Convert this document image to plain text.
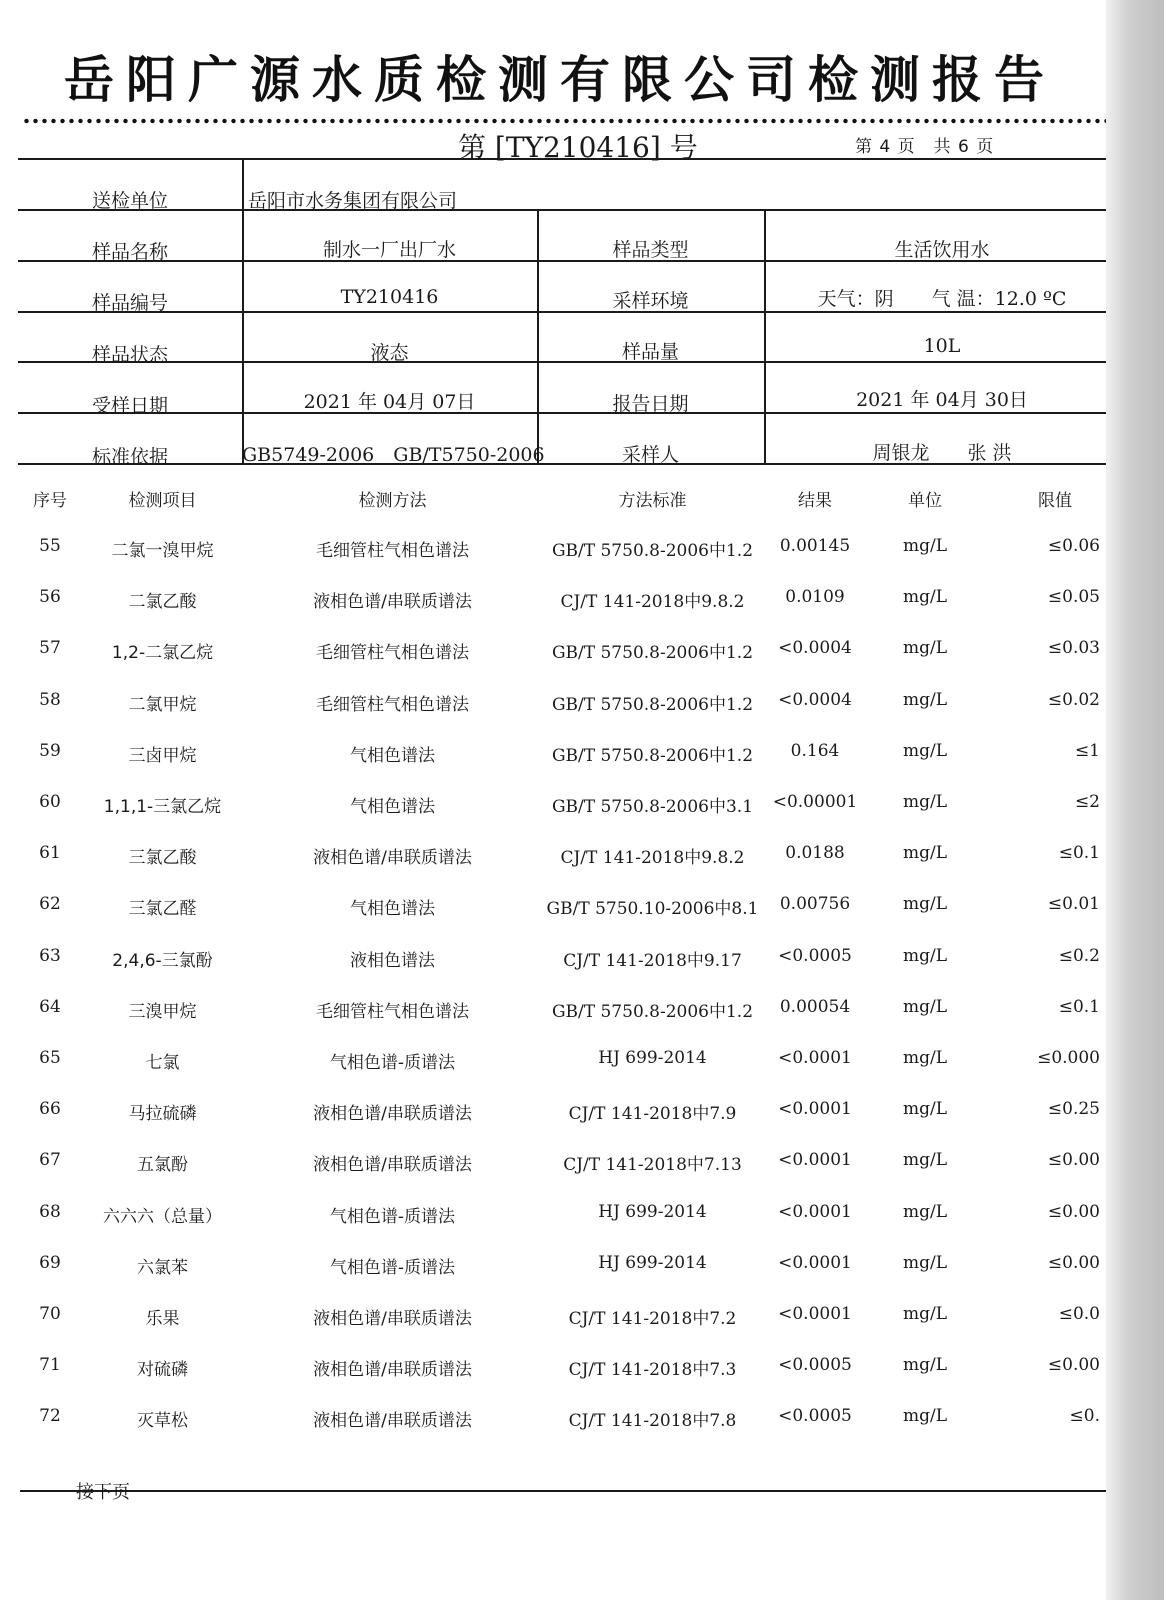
岳阳广源水质检测有限公司检测报告
第 [TY210416] 号	第 4 页　共 6 页
送检单位	岳阳市水务集团有限公司
样品名称	制水一厂出厂水	样品类型	生活饮用水
样品编号	TY210416	采样环境	天气：阴　　气 温：12.0 ºC
样品状态	液态	样品量	10L
受样日期	2021 年 04月 07日	报告日期	2021 年 04月 30日
标准依据	GB5749-2006　GB/T5750-2006	采样人	周银龙　　张 洪
序号	检测项目	检测方法	方法标准	结果	单位	限值
55	二氯一溴甲烷	毛细管柱气相色谱法	GB/T 5750.8-2006中1.2	0.00145	mg/L	≤0.06
56	二氯乙酸	液相色谱/串联质谱法	CJ/T 141-2018中9.8.2	0.0109	mg/L	≤0.05
57	1,2-二氯乙烷	毛细管柱气相色谱法	GB/T 5750.8-2006中1.2	<0.0004	mg/L	≤0.03
58	二氯甲烷	毛细管柱气相色谱法	GB/T 5750.8-2006中1.2	<0.0004	mg/L	≤0.02
59	三卤甲烷	气相色谱法	GB/T 5750.8-2006中1.2	0.164	mg/L	≤1
60	1,1,1-三氯乙烷	气相色谱法	GB/T 5750.8-2006中3.1	<0.00001	mg/L	≤2
61	三氯乙酸	液相色谱/串联质谱法	CJ/T 141-2018中9.8.2	0.0188	mg/L	≤0.1
62	三氯乙醛	气相色谱法	GB/T 5750.10-2006中8.1	0.00756	mg/L	≤0.01
63	2,4,6-三氯酚	液相色谱法	CJ/T 141-2018中9.17	<0.0005	mg/L	≤0.2
64	三溴甲烷	毛细管柱气相色谱法	GB/T 5750.8-2006中1.2	0.00054	mg/L	≤0.1
65	七氯	气相色谱-质谱法	HJ 699-2014	<0.0001	mg/L	≤0.000
66	马拉硫磷	液相色谱/串联质谱法	CJ/T 141-2018中7.9	<0.0001	mg/L	≤0.25
67	五氯酚	液相色谱/串联质谱法	CJ/T 141-2018中7.13	<0.0001	mg/L	≤0.00
68	六六六（总量）	气相色谱-质谱法	HJ 699-2014	<0.0001	mg/L	≤0.00
69	六氯苯	气相色谱-质谱法	HJ 699-2014	<0.0001	mg/L	≤0.00
70	乐果	液相色谱/串联质谱法	CJ/T 141-2018中7.2	<0.0001	mg/L	≤0.0
71	对硫磷	液相色谱/串联质谱法	CJ/T 141-2018中7.3	<0.0005	mg/L	≤0.00
72	灭草松	液相色谱/串联质谱法	CJ/T 141-2018中7.8	<0.0005	mg/L	≤0.
接下页
